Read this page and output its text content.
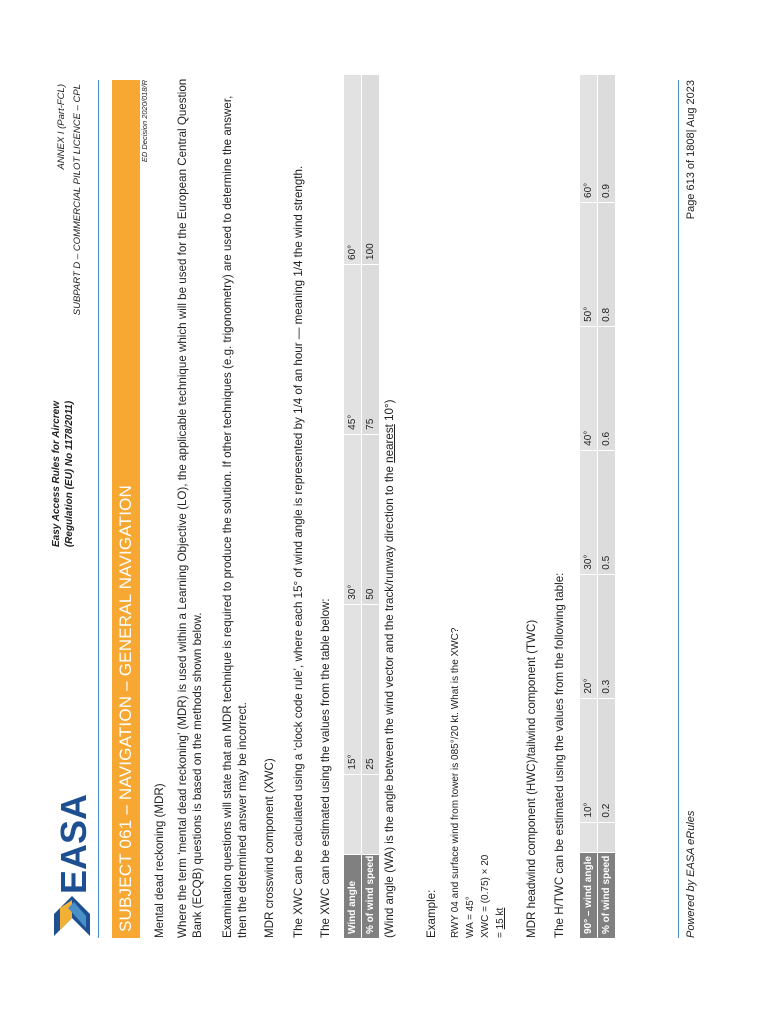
EASA
Easy Access Rules for Aircrew (Regulation (EU) No 1178/2011)
ANNEX I (Part-FCL) SUBPART D – COMMERCIAL PILOT LICENCE – CPL
SUBJECT 061 – NAVIGATION – GENERAL NAVIGATION
ED Decision 2020/018/R
Mental dead reckoning (MDR) Where the term ‘mental dead reckoning’ (MDR) is used within a Learning Objective (LO), the applicable technique which will be used for the European Central Question Bank (ECQB) questions is based on the methods shown below. Examination questions will state that an MDR technique is required to produce the solution. If other techniques (e.g. trigonometry) are used to determine the answer, then the determined answer may be incorrect. MDR crosswind component (XWC) The XWC can be calculated using a ‘clock code rule’, where each 15° of wind angle is represented by 1/4 of an hour — meaning 1/4 the wind strength. The XWC can be estimated using the values from the table below: Wind angle		15°	30°	45°	60°
% of wind speed		25	50	75	100
(Wind angle (WA) is the angle between the wind vector and the track/runway direction to the nearest 10°)
Example: RWY 04 and surface wind from tower is 085°/20 kt. What is the XWC? WA = 45° XWC = (0.75) × 20 = 15 kt MDR headwind component (HWC)/tailwind component (TWC) The H/TWC can be estimated using the values from the following table: 90° – wind angle		10°	20°	30°	40°	50°	60°
% of wind speed		0.2	0.3	0.5	0.6	0.8	0.9
Powered by EASA eRules
Page 613 of 1808| Aug 2023
